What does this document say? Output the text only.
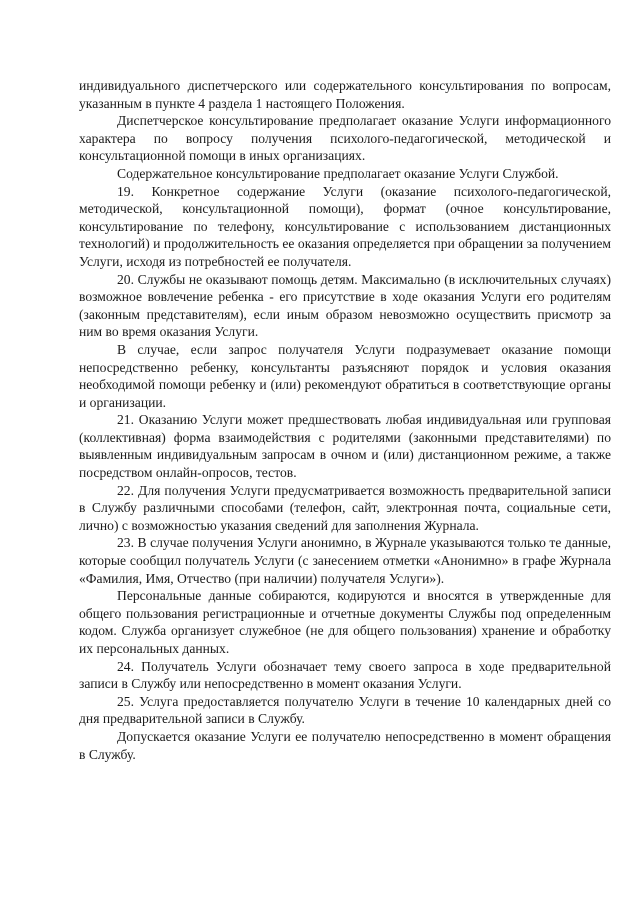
индивидуального диспетчерского или содержательного консультирования по вопросам, указанным в пункте 4 раздела 1 настоящего Положения.

Диспетчерское консультирование предполагает оказание Услуги информационного характера по вопросу получения психолого-педагогической, методической и консультационной помощи в иных организациях.

Содержательное консультирование предполагает оказание Услуги Службой.

19. Конкретное содержание Услуги (оказание психолого-педагогической, методической, консультационной помощи), формат (очное консультирование, консультирование по телефону, консультирование с использованием дистанционных технологий) и продолжительность ее оказания определяется при обращении за получением Услуги, исходя из потребностей ее получателя.

20. Службы не оказывают помощь детям. Максимально (в исключительных случаях) возможное вовлечение ребенка - его присутствие в ходе оказания Услуги его родителям (законным представителям), если иным образом невозможно осуществить присмотр за ним во время оказания Услуги.

В случае, если запрос получателя Услуги подразумевает оказание помощи непосредственно ребенку, консультанты разъясняют порядок и условия оказания необходимой помощи ребенку и (или) рекомендуют обратиться в соответствующие органы и организации.

21. Оказанию Услуги может предшествовать любая индивидуальная или групповая (коллективная) форма взаимодействия с родителями (законными представителями) по выявленным индивидуальным запросам в очном и (или) дистанционном режиме, а также посредством онлайн-опросов, тестов.

22. Для получения Услуги предусматривается возможность предварительной записи в Службу различными способами (телефон, сайт, электронная почта, социальные сети, лично) с возможностью указания сведений для заполнения Журнала.

23. В случае получения Услуги анонимно, в Журнале указываются только те данные, которые сообщил получатель Услуги (с занесением отметки «Анонимно» в графе Журнала «Фамилия, Имя, Отчество (при наличии) получателя Услуги»).

Персональные данные собираются, кодируются и вносятся в утвержденные для общего пользования регистрационные и отчетные документы Службы под определенным кодом. Служба организует служебное (не для общего пользования) хранение и обработку их персональных данных.

24. Получатель Услуги обозначает тему своего запроса в ходе предварительной записи в Службу или непосредственно в момент оказания Услуги.

25. Услуга предоставляется получателю Услуги в течение 10 календарных дней со дня предварительной записи в Службу.

Допускается оказание Услуги ее получателю непосредственно в момент обращения в Службу.
